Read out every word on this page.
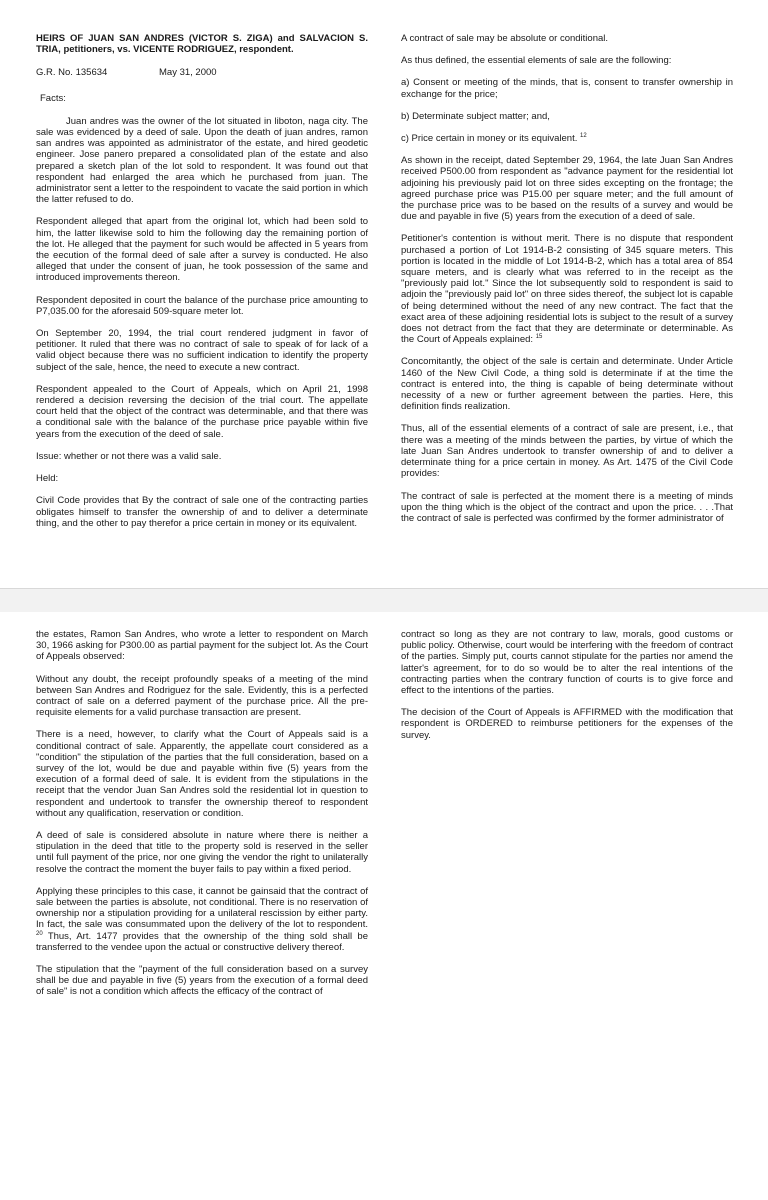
HEIRS OF JUAN SAN ANDRES (VICTOR S. ZIGA) and SALVACION S. TRIA, petitioners, vs. VICENTE RODRIGUEZ, respondent.

G.R. No. 135634	May 31, 2000

Facts:

Juan andres was the owner of the lot situated in liboton, naga city. The sale was evidenced by a deed of sale. Upon the death of juan andres, ramon san andres was appointed as administrator of the estate, and hired geodetic engineer. Jose panero prepared a consolidated plan of the estate and also prepared a sketch plan of the lot sold to respondent. It was found out that respondent had enlarged the area which he purchased from juan. The administrator sent a letter to the respoindent to vacate the said portion in which the latter refused to do.

Respondent alleged that apart from the original lot, which had been sold to him, the latter likewise sold to him the following day the remaining portion of the lot. He alleged that the payment for such would be affected in 5 years from the eecution of the formal deed of sale after a survey is conducted. He also alleged that under the consent of juan, he took possession of the same and introduced improvements thereon.

Respondent deposited in court the balance of the purchase price amounting to P7,035.00 for the aforesaid 509-square meter lot.

On September 20, 1994, the trial court rendered judgment in favor of petitioner. It ruled that there was no contract of sale to speak of for lack of a valid object because there was no sufficient indication to identify the property subject of the sale, hence, the need to execute a new contract.

Respondent appealed to the Court of Appeals, which on April 21, 1998 rendered a decision reversing the decision of the trial court. The appellate court held that the object of the contract was determinable, and that there was a conditional sale with the balance of the purchase price payable within five years from the execution of the deed of sale.

Issue: whether or not there was a valid sale.

Held:

Civil Code provides that By the contract of sale one of the contracting parties obligates himself to transfer the ownership of and to deliver a determinate thing, and the other to pay therefor a price certain in money or its equivalent.

A contract of sale may be absolute or conditional.

As thus defined, the essential elements of sale are the following:

a) Consent or meeting of the minds, that is, consent to transfer ownership in exchange for the price;

b) Determinate subject matter; and,

c) Price certain in money or its equivalent. $^{12}$

As shown in the receipt, dated September 29, 1964, the late Juan San Andres received P500.00 from respondent as "advance payment for the residential lot adjoining his previously paid lot on three sides excepting on the frontage; the agreed purchase price was P15.00 per square meter; and the full amount of the purchase price was to be based on the results of a survey and would be due and payable in five (5) years from the execution of a deed of sale.

Petitioner's contention is without merit. There is no dispute that respondent purchased a portion of Lot 1914-B-2 consisting of 345 square meters. This portion is located in the middle of Lot 1914-B-2, which has a total area of 854 square meters, and is clearly what was referred to in the receipt as the "previously paid lot." Since the lot subsequently sold to respondent is said to adjoin the "previously paid lot" on three sides thereof, the subject lot is capable of being determined without the need of any new contract. The fact that the exact area of these adjoining residential lots is subject to the result of a survey does not detract from the fact that they are determinate or determinable. As the Court of Appeals explained: $^{15}$

Concomitantly, the object of the sale is certain and determinate. Under Article 1460 of the New Civil Code, a thing sold is determinate if at the time the contract is entered into, the thing is capable of being determinate without necessity of a new or further agreement between the parties. Here, this definition finds realization.

Thus, all of the essential elements of a contract of sale are present, i.e., that there was a meeting of the minds between the parties, by virtue of which the late Juan San Andres undertook to transfer ownership of and to deliver a determinate thing for a price certain in money. As Art. 1475 of the Civil Code provides:

The contract of sale is perfected at the moment there is a meeting of minds upon the thing which is the object of the contract and upon the price. . . .That the contract of sale is perfected was confirmed by the former administrator of

the estates, Ramon San Andres, who wrote a letter to respondent on March 30, 1966 asking for P300.00 as partial payment for the subject lot. As the Court of Appeals observed:

Without any doubt, the receipt profoundly speaks of a meeting of the mind between San Andres and Rodriguez for the sale. Evidently, this is a perfected contract of sale on a deferred payment of the purchase price. All the pre-requisite elements for a valid purchase transaction are present.

There is a need, however, to clarify what the Court of Appeals said is a conditional contract of sale. Apparently, the appellate court considered as a "condition" the stipulation of the parties that the full consideration, based on a survey of the lot, would be due and payable within five (5) years from the execution of a formal deed of sale. It is evident from the stipulations in the receipt that the vendor Juan San Andres sold the residential lot in question to respondent and undertook to transfer the ownership thereof to respondent without any qualification, reservation or condition.

A deed of sale is considered absolute in nature where there is neither a stipulation in the deed that title to the property sold is reserved in the seller until full payment of the price, nor one giving the vendor the right to unilaterally resolve the contract the moment the buyer fails to pay within a fixed period.

Applying these principles to this case, it cannot be gainsaid that the contract of sale between the parties is absolute, not conditional. There is no reservation of ownership nor a stipulation providing for a unilateral rescission by either party. In fact, the sale was consummated upon the delivery of the lot to respondent. $^{20}$ Thus, Art. 1477 provides that the ownership of the thing sold shall be transferred to the vendee upon the actual or constructive delivery thereof.

The stipulation that the "payment of the full consideration based on a survey shall be due and payable in five (5) years from the execution of a formal deed of sale" is not a condition which affects the efficacy of the contract of

contract so long as they are not contrary to law, morals, good customs or public policy. Otherwise, court would be interfering with the freedom of contract of the parties. Simply put, courts cannot stipulate for the parties nor amend the latter's agreement, for to do so would be to alter the real intentions of the contracting parties when the contrary function of courts is to give force and effect to the intentions of the parties.

The decision of the Court of Appeals is AFFIRMED with the modification that respondent is ORDERED to reimburse petitioners for the expenses of the survey.
